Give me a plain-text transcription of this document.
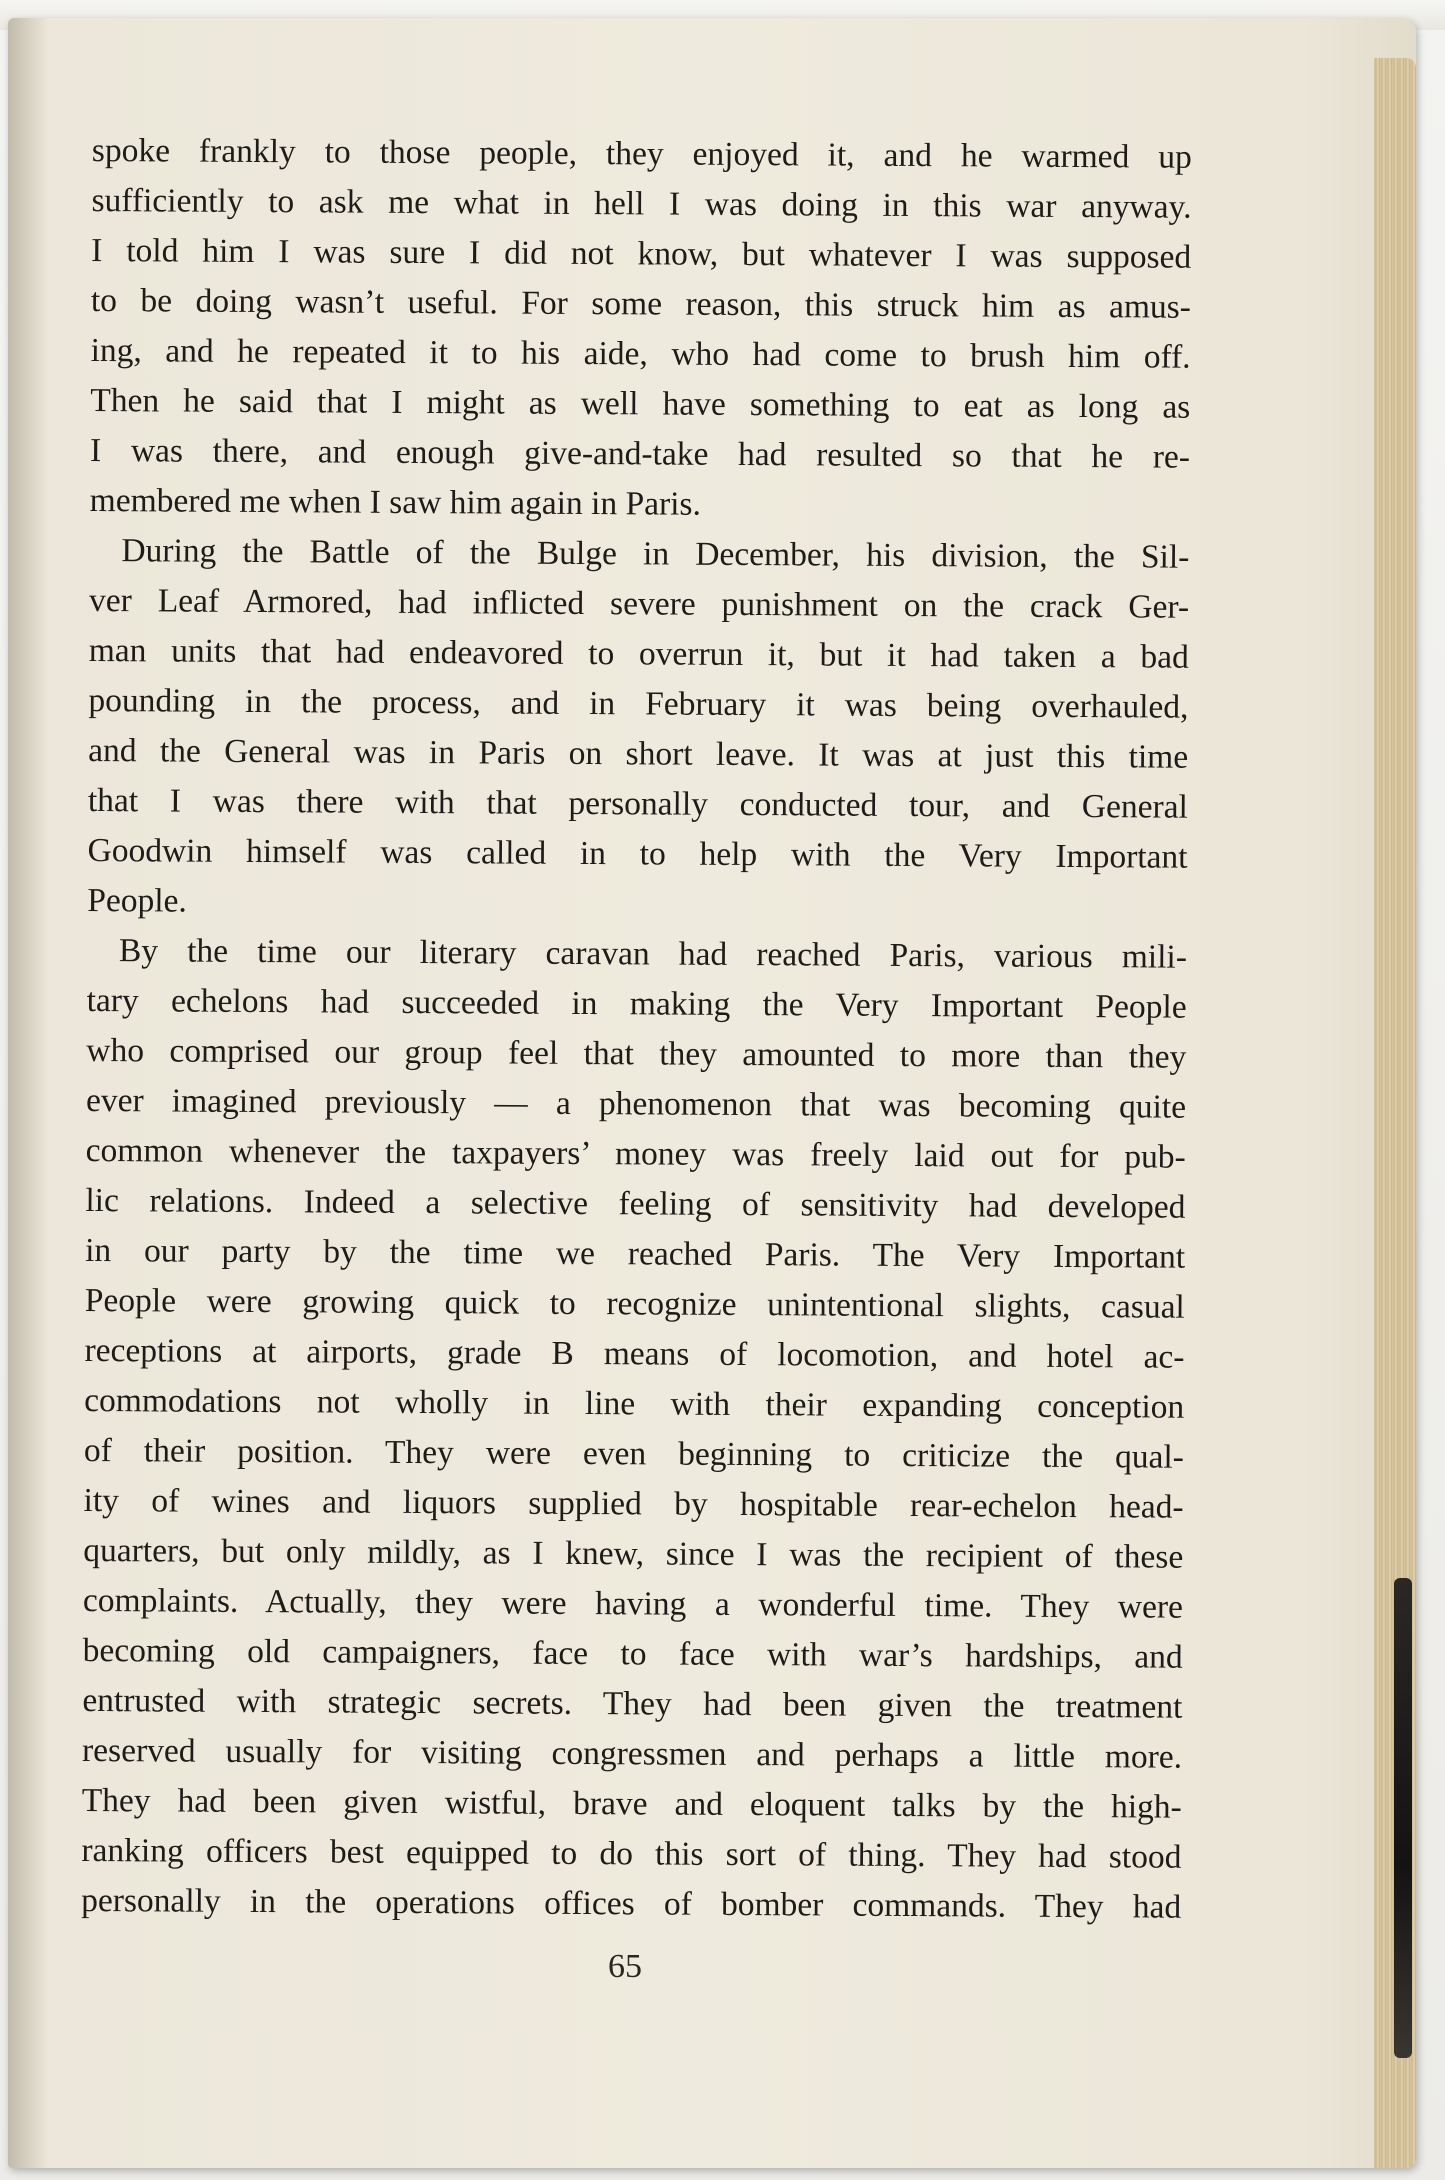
spoke frankly to those people, they enjoyed it, and he warmed up
sufficiently to ask me what in hell I was doing in this war anyway.
I told him I was sure I did not know, but whatever I was supposed
to be doing wasn’t useful. For some reason, this struck him as amus-
ing, and he repeated it to his aide, who had come to brush him off.
Then he said that I might as well have something to eat as long as
I was there, and enough give-and-take had resulted so that he re-
membered me when I saw him again in Paris.
During the Battle of the Bulge in December, his division, the Sil-
ver Leaf Armored, had inflicted severe punishment on the crack Ger-
man units that had endeavored to overrun it, but it had taken a bad
pounding in the process, and in February it was being overhauled,
and the General was in Paris on short leave. It was at just this time
that I was there with that personally conducted tour, and General
Goodwin himself was called in to help with the Very Important
People.
By the time our literary caravan had reached Paris, various mili-
tary echelons had succeeded in making the Very Important People
who comprised our group feel that they amounted to more than they
ever imagined previously — a phenomenon that was becoming quite
common whenever the taxpayers’ money was freely laid out for pub-
lic relations. Indeed a selective feeling of sensitivity had developed
in our party by the time we reached Paris. The Very Important
People were growing quick to recognize unintentional slights, casual
receptions at airports, grade B means of locomotion, and hotel ac-
commodations not wholly in line with their expanding conception
of their position. They were even beginning to criticize the qual-
ity of wines and liquors supplied by hospitable rear-echelon head-
quarters, but only mildly, as I knew, since I was the recipient of these
complaints. Actually, they were having a wonderful time. They were
becoming old campaigners, face to face with war’s hardships, and
entrusted with strategic secrets. They had been given the treatment
reserved usually for visiting congressmen and perhaps a little more.
They had been given wistful, brave and eloquent talks by the high-
ranking officers best equipped to do this sort of thing. They had stood
personally in the operations offices of bomber commands. They had
65
